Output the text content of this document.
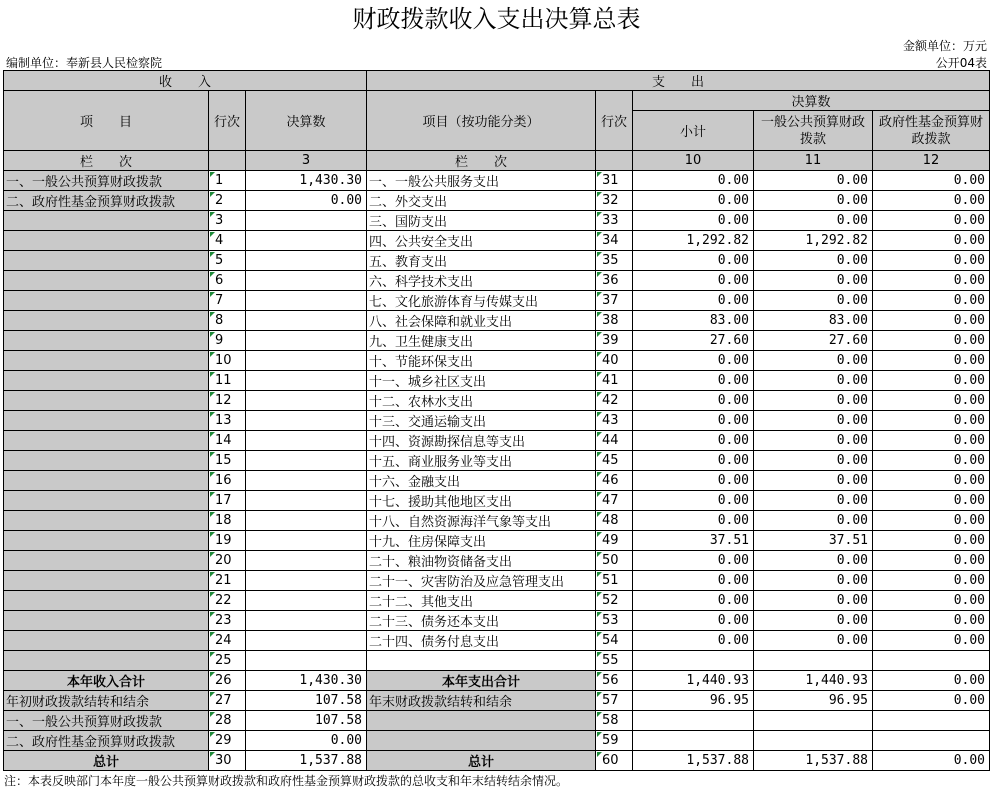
财政拨款收入支出决算总表
金额单位：万元
编制单位：奉新县人民检察院	公开04表
收　　入			支　　出				
项　　目	行次	决算数	项目（按功能分类）	行次	决算数		
					小计	一般公共预算财政拨款	政府性基金预算财政拨款

栏　　次		3	栏　　次		10	11	12
一、一般公共预算财政拨款	1	1,430.30	一、一般公共服务支出	31	0.00	0.00	0.00
二、政府性基金预算财政拨款	2	0.00	二、外交支出	32	0.00	0.00	0.00
	3		三、国防支出	33	0.00	0.00	0.00
	4		四、公共安全支出	34	1,292.82	1,292.82	0.00
	5		五、教育支出	35	0.00	0.00	0.00
	6		六、科学技术支出	36	0.00	0.00	0.00
	7		七、文化旅游体育与传媒支出	37	0.00	0.00	0.00
	8		八、社会保障和就业支出	38	83.00	83.00	0.00
	9		九、卫生健康支出	39	27.60	27.60	0.00
	10		十、节能环保支出	40	0.00	0.00	0.00
	11		十一、城乡社区支出	41	0.00	0.00	0.00
	12		十二、农林水支出	42	0.00	0.00	0.00
	13		十三、交通运输支出	43	0.00	0.00	0.00
	14		十四、资源勘探信息等支出	44	0.00	0.00	0.00
	15		十五、商业服务业等支出	45	0.00	0.00	0.00
	16		十六、金融支出	46	0.00	0.00	0.00
	17		十七、援助其他地区支出	47	0.00	0.00	0.00
	18		十八、自然资源海洋气象等支出	48	0.00	0.00	0.00
	19		十九、住房保障支出	49	37.51	37.51	0.00
	20		二十、粮油物资储备支出	50	0.00	0.00	0.00
	21		二十一、灾害防治及应急管理支出	51	0.00	0.00	0.00
	22		二十二、其他支出	52	0.00	0.00	0.00
	23		二十三、债务还本支出	53	0.00	0.00	0.00
	24		二十四、债务付息支出	54	0.00	0.00	0.00
	25			55			
本年收入合计	26	1,430.30	本年支出合计	56	1,440.93	1,440.93	0.00
年初财政拨款结转和结余	27	107.58	年末财政拨款结转和结余	57	96.95	96.95	0.00
一、一般公共预算财政拨款	28	107.58		58			
二、政府性基金预算财政拨款	29	0.00		59			
总计	30	1,537.88	总计	60	1,537.88	1,537.88	0.00
注：本表反映部门本年度一般公共预算财政拨款和政府性基金预算财政拨款的总收支和年末结转结余情况。
